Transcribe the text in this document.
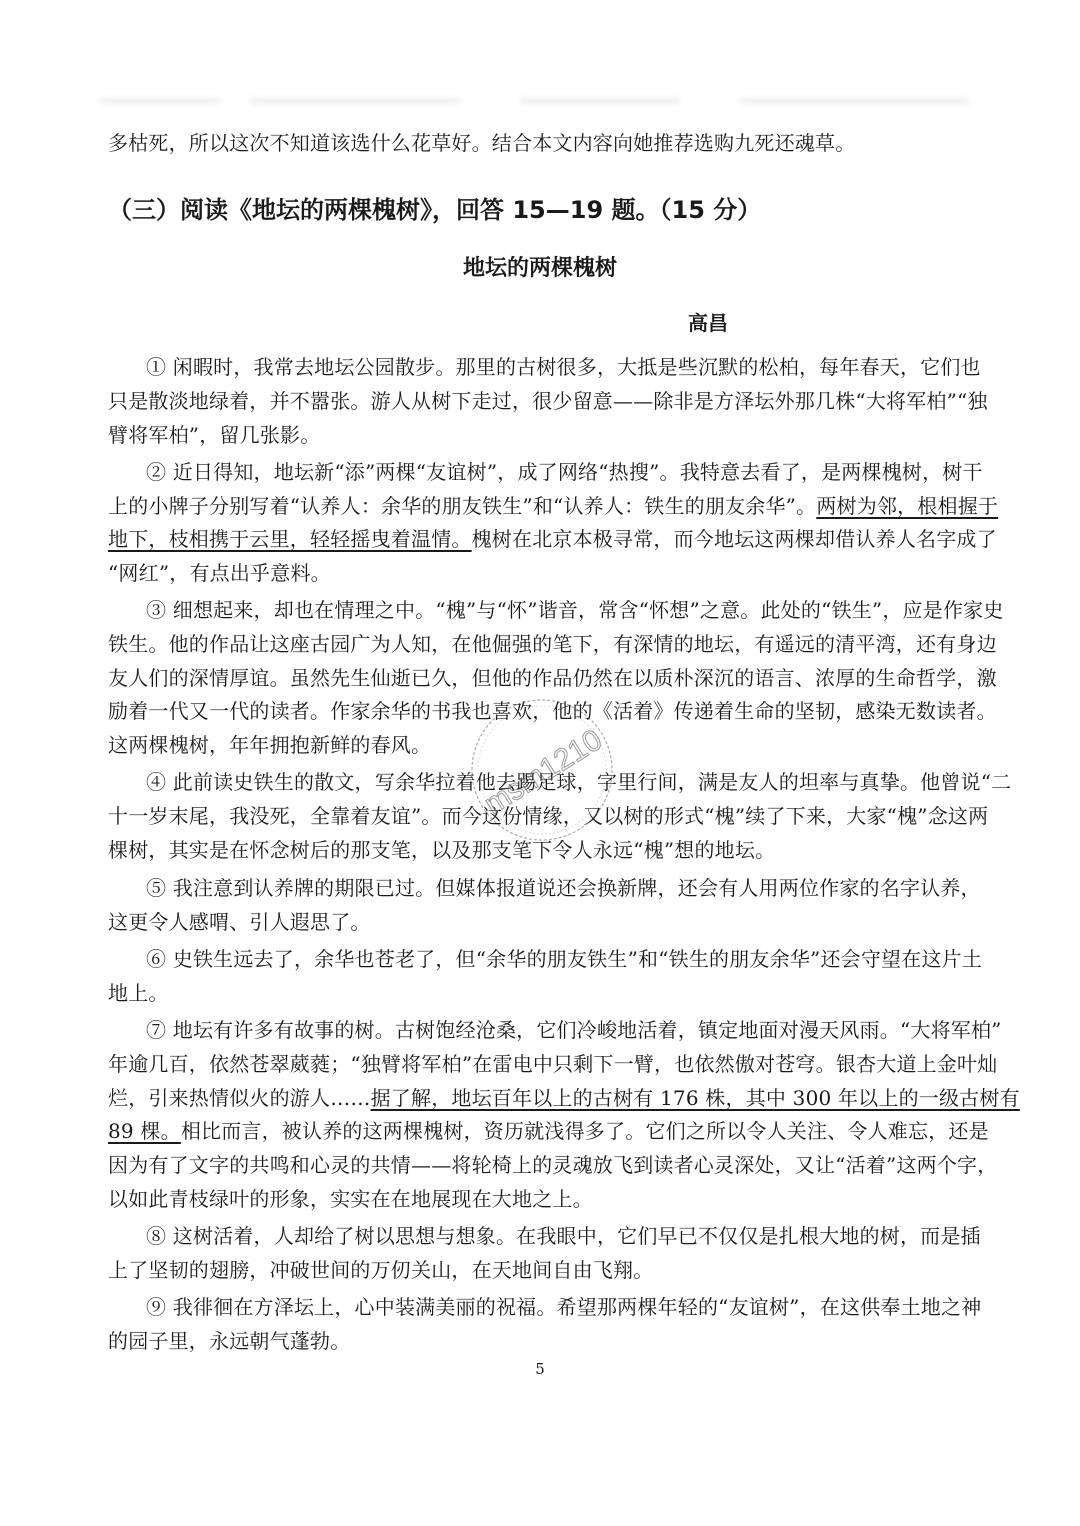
多枯死，所以这次不知道该选什么花草好。结合本文内容向她推荐选购九死还魂草。
（三）阅读《地坛的两棵槐树》，回答 15—19 题。（15 分）
地坛的两棵槐树
高昌
① 闲暇时，我常去地坛公园散步。那里的古树很多，大抵是些沉默的松柏，每年春天，它们也
只是散淡地绿着，并不嚣张。游人从树下走过，很少留意——除非是方泽坛外那几株“大将军柏”“独
臂将军柏”，留几张影。
② 近日得知，地坛新“添”两棵“友谊树”，成了网络“热搜”。我特意去看了，是两棵槐树，树干
上的小牌子分别写着“认养人：余华的朋友铁生”和“认养人：铁生的朋友余华”。两树为邻，根相握于
地下，枝相携于云里，轻轻摇曳着温情。槐树在北京本极寻常，而今地坛这两棵却借认养人名字成了
“网红”，有点出乎意料。
③ 细想起来，却也在情理之中。“槐”与“怀”谐音，常含“怀想”之意。此处的“铁生”，应是作家史
铁生。他的作品让这座古园广为人知，在他倔强的笔下，有深情的地坛，有遥远的清平湾，还有身边
友人们的深情厚谊。虽然先生仙逝已久，但他的作品仍然在以质朴深沉的语言、浓厚的生命哲学，激
励着一代又一代的读者。作家余华的书我也喜欢，他的《活着》传递着生命的坚韧，感染无数读者。
这两棵槐树，年年拥抱新鲜的春风。
④ 此前读史铁生的散文，写余华拉着他去踢足球，字里行间，满是友人的坦率与真挚。他曾说“二
十一岁末尾，我没死，全靠着友谊”。而今这份情缘，又以树的形式“槐”续了下来，大家“槐”念这两
棵树，其实是在怀念树后的那支笔，以及那支笔下令人永远“槐”想的地坛。
⑤ 我注意到认养牌的期限已过。但媒体报道说还会换新牌，还会有人用两位作家的名字认养，
这更令人感喟、引人遐思了。
⑥ 史铁生远去了，余华也苍老了，但“余华的朋友铁生”和“铁生的朋友余华”还会守望在这片土
地上。
⑦ 地坛有许多有故事的树。古树饱经沧桑，它们冷峻地活着，镇定地面对漫天风雨。“大将军柏”
年逾几百，依然苍翠葳蕤；“独臂将军柏”在雷电中只剩下一臂，也依然傲对苍穹。银杏大道上金叶灿
烂，引来热情似火的游人……据了解，地坛百年以上的古树有 176 株，其中 300 年以上的一级古树有
89 棵。相比而言，被认养的这两棵槐树，资历就浅得多了。它们之所以令人关注、令人难忘，还是
因为有了文字的共鸣和心灵的共情——将轮椅上的灵魂放飞到读者心灵深处，又让“活着”这两个字，
以如此青枝绿叶的形象，实实在在地展现在大地之上。
⑧ 这树活着，人却给了树以思想与想象。在我眼中，它们早已不仅仅是扎根大地的树，而是插
上了坚韧的翅膀，冲破世间的万仞关山，在天地间自由飞翔。
⑨ 我徘徊在方泽坛上，心中装满美丽的祝福。希望那两棵年轻的“友谊树”，在这供奉土地之神
的园子里，永远朝气蓬勃。
5
msm1210
